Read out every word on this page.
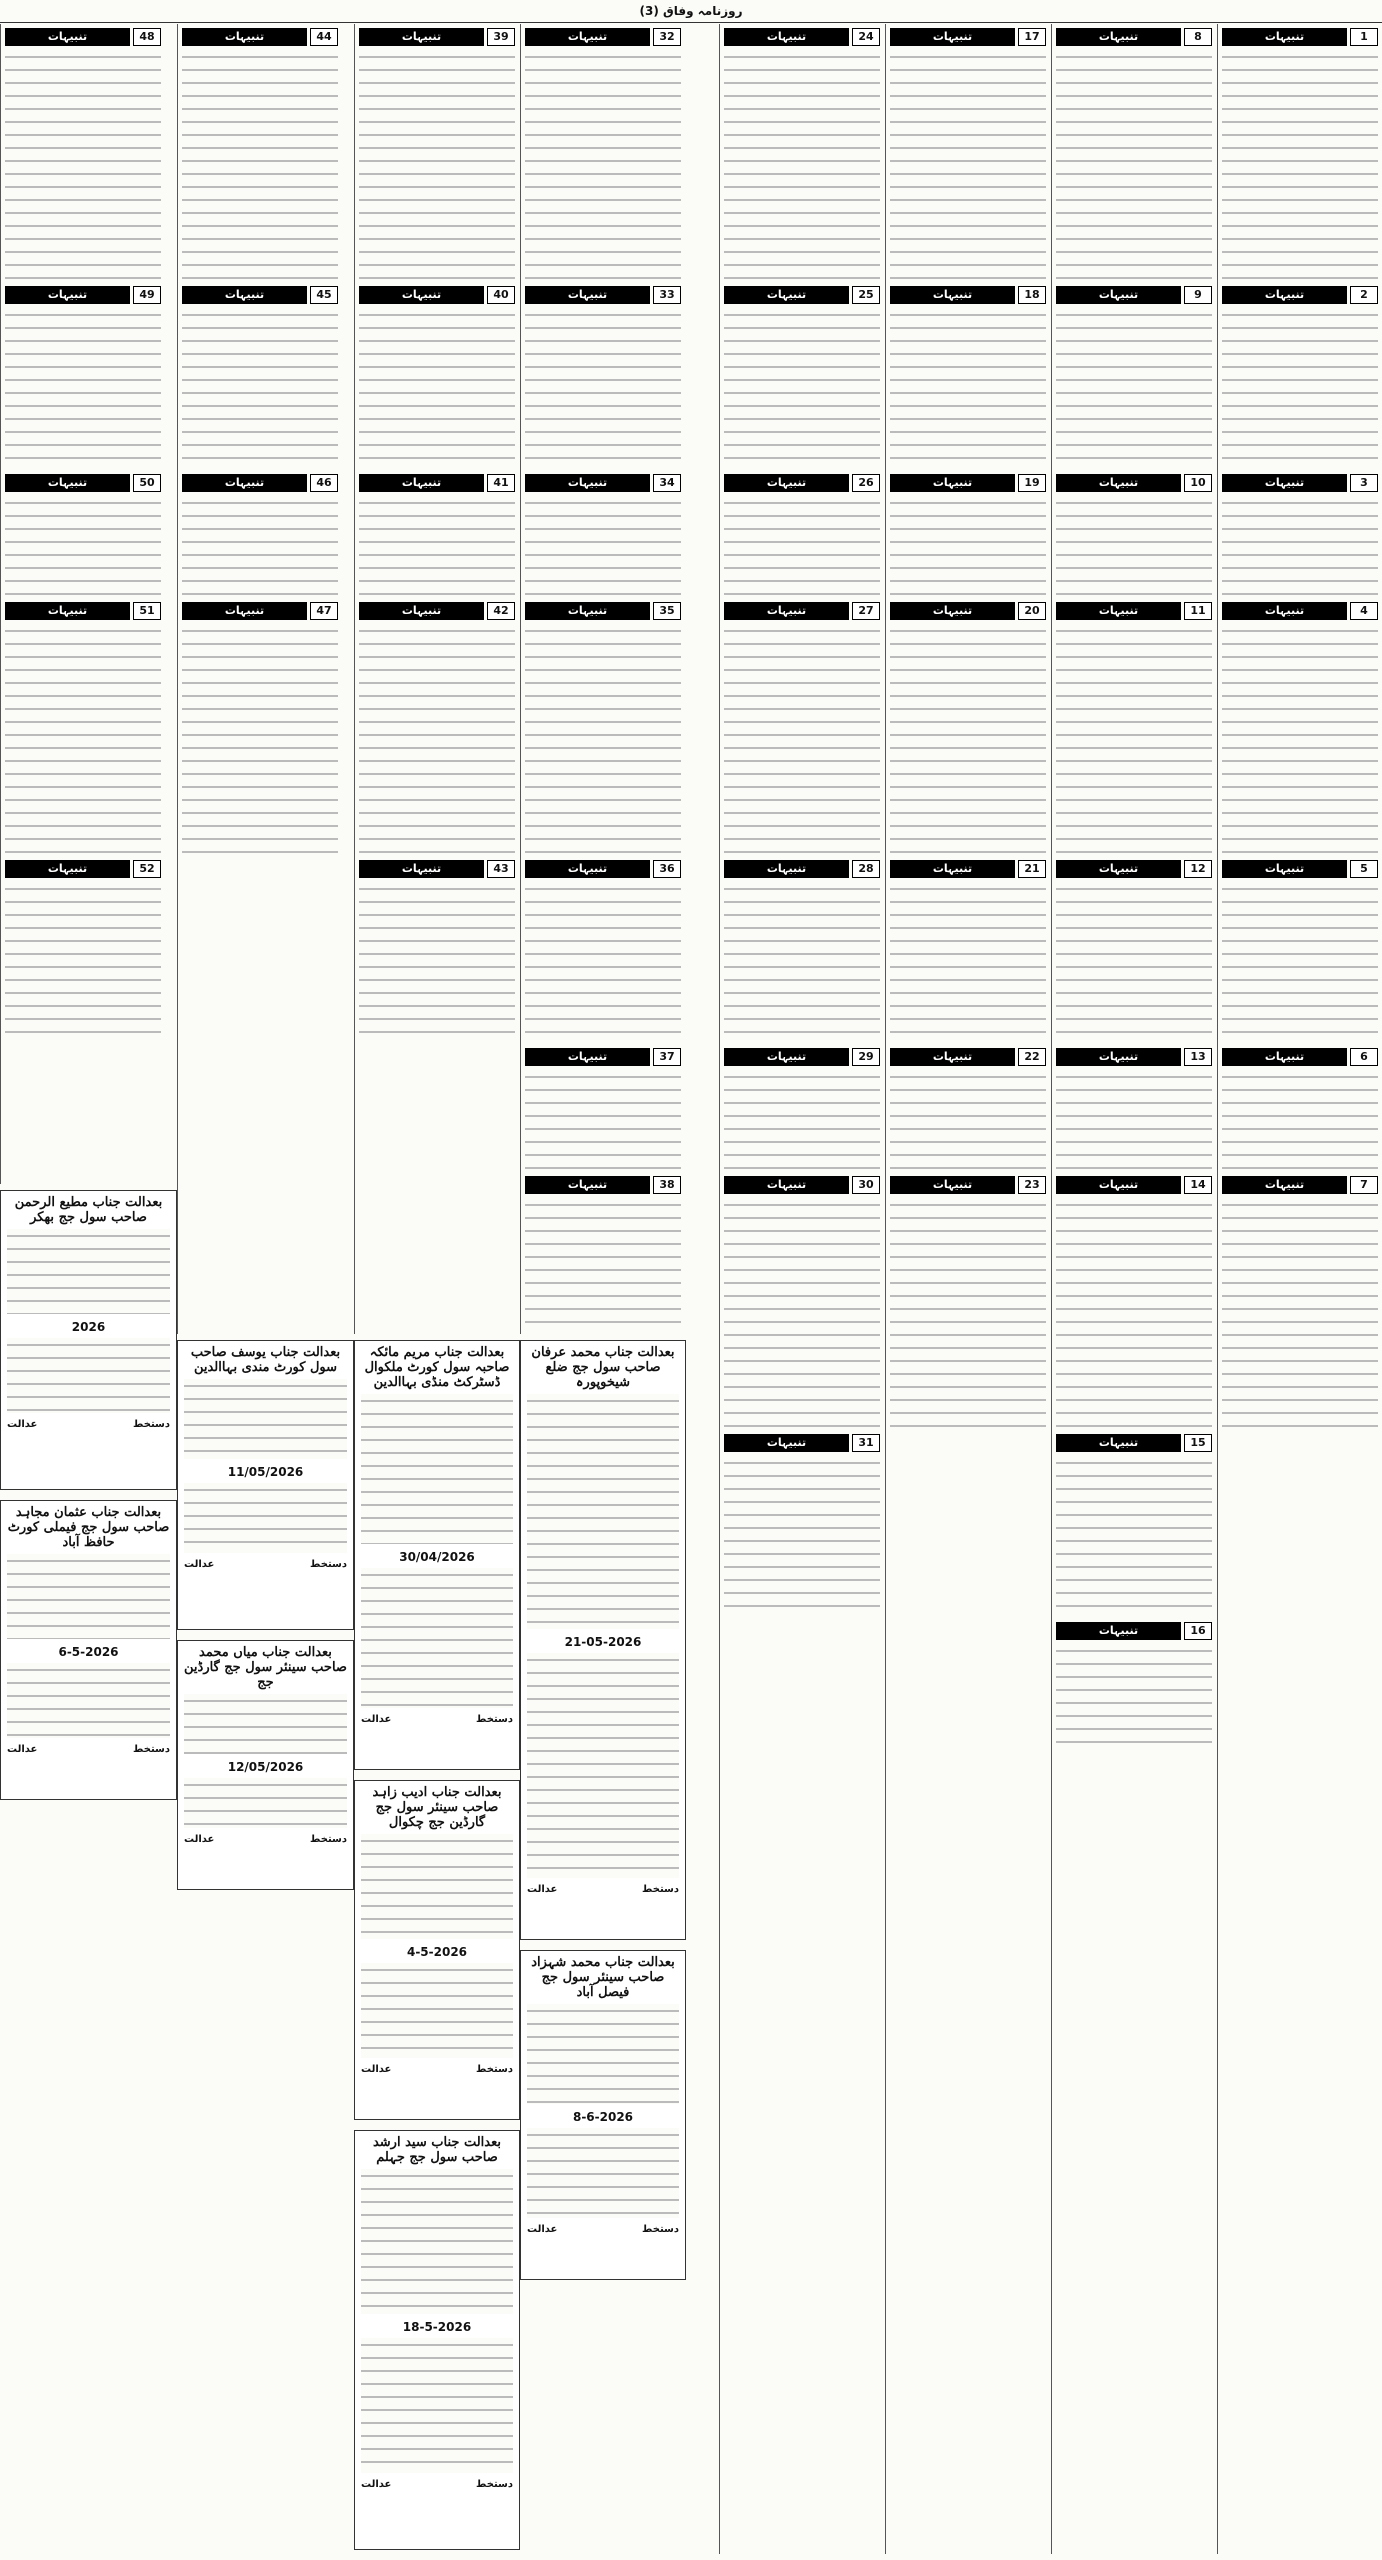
روزنامہ وفاق (3)
1
تنبیہات
2
تنبیہات
3
تنبیہات
4
تنبیہات
5
تنبیہات
6
تنبیہات
7
تنبیہات
8
تنبیہات
9
تنبیہات
10
تنبیہات
11
تنبیہات
12
تنبیہات
13
تنبیہات
14
تنبیہات
15
تنبیہات
16
تنبیہات
17
تنبیہات
18
تنبیہات
19
تنبیہات
20
تنبیہات
21
تنبیہات
22
تنبیہات
23
تنبیہات
24
تنبیہات
25
تنبیہات
26
تنبیہات
27
تنبیہات
28
تنبیہات
29
تنبیہات
30
تنبیہات
31
تنبیہات
32
تنبیہات
33
تنبیہات
34
تنبیہات
35
تنبیہات
36
تنبیہات
37
تنبیہات
38
تنبیہات
39
تنبیہات
40
تنبیہات
41
تنبیہات
42
تنبیہات
43
تنبیہات
44
تنبیہات
45
تنبیہات
46
تنبیہات
47
تنبیہات
48
تنبیہات
49
تنبیہات
50
تنبیہات
51
تنبیہات
52
تنبیہات
بعدالت جناب محمد عرفان صاحب سول جج ضلع شیخوپورہ
21-05-2026
دستخط
عدالت
بعدالت جناب مریم مائکہ صاحبہ سول کورٹ ملکوال ڈسٹرکٹ منڈی بہاالدین
30/04/2026
دستخط
عدالت
بعدالت جناب یوسف صاحب سول کورٹ مندی بہاالدین
11/05/2026
دستخط
عدالت
بعدالت جناب ادیب زاہد صاحب سینئر سول جج گارڈین جج چکوال
4-5-2026
دستخط
عدالت
بعدالت جناب میاں محمد صاحب سینئر سول جج گارڈین جج
12/05/2026
دستخط
عدالت
بعدالت جناب مطیع الرحمن صاحب سول جج بھکر
2026
دستخط
عدالت
بعدالت جناب محمد شہزاد صاحب سینئر سول جج فیصل آباد
8-6-2026
دستخط
عدالت
بعدالت جناب سید ارشد صاحب سول جج جہلم
18-5-2026
دستخط
عدالت
بعدالت جناب عثمان مجاہد صاحب سول جج فیملی کورٹ حافظ آباد
6-5-2026
دستخط
عدالت
